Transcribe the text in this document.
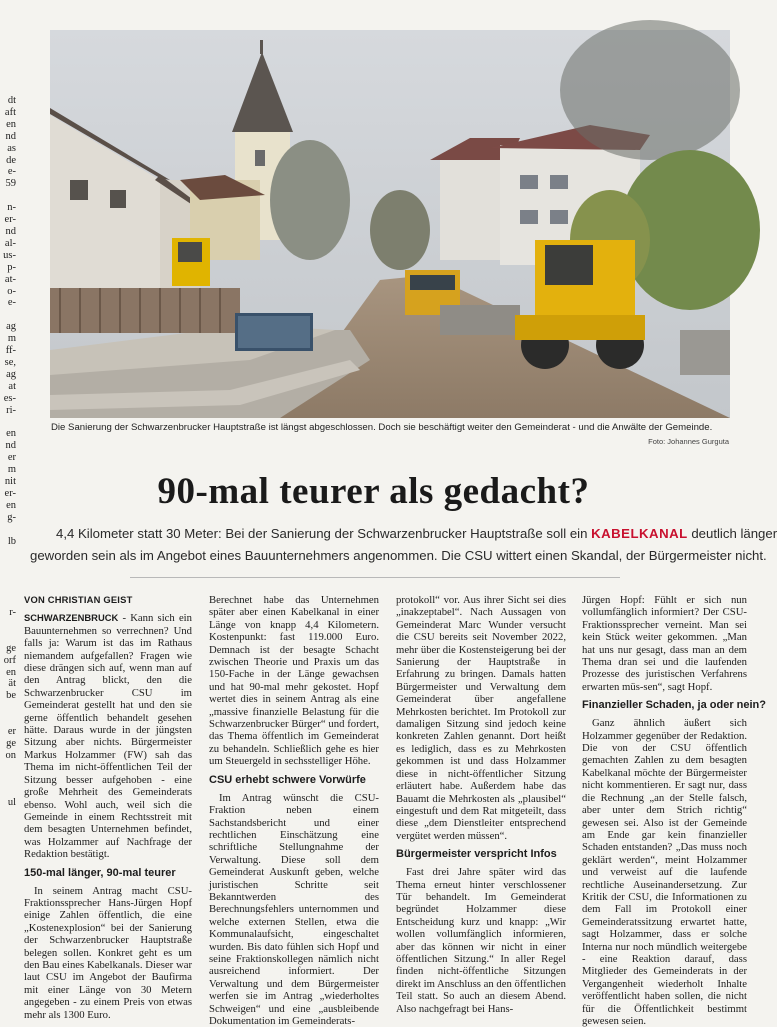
dt
aft
en
nd
as
de
e-
59

n-
er-
nd
al-
us-
p-
at-
o-
e-

ag
m
ff-
se,
ag
at
es-
ri-

en
nd
er
m
nit
er-
en
g-

lb

r-

ge
orf
en
ät
be

er
ge
on

ul

Die Sanierung der Schwarzenbrucker Hauptstraße ist längst abgeschlossen. Doch sie beschäftigt weiter den Gemeinderat - und die Anwälte der Gemeinde.
Foto: Johannes Gurguta
90-mal teurer als gedacht?
4,4 Kilometer statt 30 Meter: Bei der Sanierung der Schwarzenbrucker Hauptstraße soll ein KABELKANAL deutlich länger
geworden sein als im Angebot eines Bauunternehmers angenommen. Die CSU wittert einen Skandal, der Bürgermeister nicht.
VON CHRISTIAN GEIST

SCHWARZENBRUCK - Kann sich ein Bauunternehmen so verrechnen? Und falls ja: Warum ist das im Rathaus niemandem aufgefallen? Fragen wie diese drängen sich auf, wenn man auf den Antrag blickt, den die Schwarzenbrucker CSU im Gemeinderat gestellt hat und den sie gerne öffentlich behandelt gesehen hätte. Daraus wurde in der jüngsten Sitzung aber nichts. Bürgermeister Markus Holzammer (FW) sah das Thema im nicht-öffentlichen Teil der Sitzung besser aufgehoben - eine große Mehrheit des Gemeinderats ebenso. Wohl auch, weil sich die Gemeinde in einem Rechtsstreit mit dem besagten Unternehmen befindet, was Holzammer auf Nachfrage der Redaktion bestätigt.

150-mal länger, 90-mal teurer

In seinem Antrag macht CSU-Fraktionssprecher Hans-Jürgen Hopf einige Zahlen öffentlich, die eine „Kostenexplosion“ bei der Sanierung der Schwarzenbrucker Hauptstraße belegen sollen. Konkret geht es um den Bau eines Kabelkanals. Dieser war laut CSU im Angebot der Baufirma mit einer Länge von 30 Metern angegeben - zu einem Preis von etwas mehr als 1300 Euro.

Berechnet habe das Unternehmen später aber einen Kabelkanal in einer Länge von knapp 4,4 Kilometern. Kostenpunkt: fast 119.000 Euro. Demnach ist der besagte Schacht zwischen Theorie und Praxis um das 150-Fache in der Länge gewachsen und hat 90-mal mehr gekostet. Hopf wertet dies in seinem Antrag als eine „massive finanzielle Belastung für die Schwarzenbrucker Bürger“ und fordert, das Thema öffentlich im Gemeinderat zu behandeln. Schließlich gehe es hier um Steuergeld in sechsstelliger Höhe.

CSU erhebt schwere Vorwürfe

Im Antrag wünscht die CSU-Fraktion neben einem Sachstandsbericht und einer rechtlichen Einschätzung eine schriftliche Stellungnahme der Verwaltung. Diese soll dem Gemeinderat Auskunft geben, welche juristischen Schritte seit Bekanntwerden des Berechnungsfehlers unternommen und welche externen Stellen, etwa die Kommunalaufsicht, eingeschaltet wurden. Bis dato fühlen sich Hopf und seine Fraktionskollegen nämlich nicht ausreichend informiert. Der Verwaltung und dem Bürgermeister werfen sie im Antrag „wiederholtes Schweigen“ und eine „ausbleibende Dokumentation im Gemeinderats-

protokoll“ vor. Aus ihrer Sicht sei dies „inakzeptabel“. Nach Aussagen von Gemeinderat Marc Wunder versucht die CSU bereits seit November 2022, mehr über die Kostensteigerung bei der Sanierung der Hauptstraße in Erfahrung zu bringen. Damals hatten Bürgermeister und Verwaltung dem Gemeinderat über angefallene Mehrkosten berichtet. Im Protokoll zur damaligen Sitzung sind jedoch keine konkreten Zahlen genannt. Dort heißt es lediglich, dass es zu Mehrkosten gekommen ist und dass Holzammer diese in nicht-öffentlicher Sitzung erläutert habe. Außerdem habe das Bauamt die Mehrkosten als „plausibel“ eingestuft und dem Rat mitgeteilt, dass diese „dem Dienstleiter entsprechend vergütet werden müssen“.

Bürgermeister verspricht Infos

Fast drei Jahre später wird das Thema erneut hinter verschlossener Tür behandelt. Im Gemeinderat begründet Holzammer diese Entscheidung kurz und knapp: „Wir wollen vollumfänglich informieren, aber das können wir nicht in einer öffentlichen Sitzung.“ In aller Regel finden nicht-öffentliche Sitzungen direkt im Anschluss an den öffentlichen Teil statt. So auch an diesem Abend. Also nachgefragt bei Hans-

Jürgen Hopf: Fühlt er sich nun vollumfänglich informiert? Der CSU-Fraktionssprecher verneint. Man sei kein Stück weiter gekommen. „Man hat uns nur gesagt, dass man an dem Thema dran sei und die laufenden Prozesse des juristischen Verfahrens erwarten müs-sen“, sagt Hopf.

Finanzieller Schaden, ja oder nein?

Ganz ähnlich äußert sich Holzammer gegenüber der Redaktion. Die von der CSU öffentlich gemachten Zahlen zu dem besagten Kabelkanal möchte der Bürgermeister nicht kommentieren. Er sagt nur, dass die Rechnung „an der Stelle falsch, aber unter dem Strich richtig“ gewesen sei. Also ist der Gemeinde am Ende gar kein finanzieller Schaden entstanden? „Das muss noch geklärt werden“, meint Holzammer und verweist auf die laufende rechtliche Auseinandersetzung. Zur Kritik der CSU, die Informationen zu dem Fall im Protokoll einer Gemeinderatssitzung erwartet hatte, sagt Holzammer, dass er solche Interna nur noch mündlich weitergebe - eine Reaktion darauf, dass Mitglieder des Gemeinderats in der Vergangenheit wiederholt Inhalte veröffentlicht haben sollen, die nicht für die Öffentlichkeit bestimmt gewesen seien.
